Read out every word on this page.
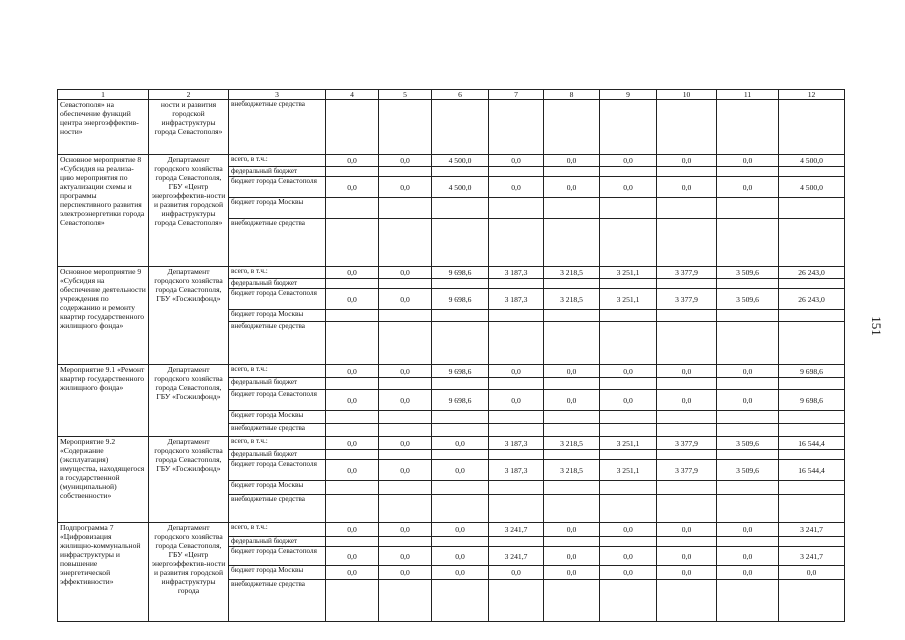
1	2	3	4	5	6	7	8	9	10	11	12
Севастополя» на обеспечение функций центра энергоэффектив-ности»	ности и развития городской инфраструктуры города Севастополя»	внебюджетные средства									
Основное мероприятие 8 «Субсидия на реализа-цию мероприятия по актуализации схемы и программы перспективного развития электроэнергетики города Севастополя»	Департамент городского хозяйства города Севастополя, ГБУ «Центр энергоэффектив-ности и развития городской инфраструктуры города Севастополя»	всего, в т.ч.:	0,0	0,0	4 500,0	0,0	0,0	0,0	0,0	0,0	4 500,0
		федеральный бюджет									
		бюджет города Севастополя	0,0	0,0	4 500,0	0,0	0,0	0,0	0,0	0,0	4 500,0
		бюджет города Москвы									
		внебюджетные средства									
Основное мероприятие 9 «Субсидия на обеспечение деятельности учреждения по содержанию и ремонту квартир государственного жилищного фонда»	Департамент городского хозяйства города Севастополя, ГБУ «Госжилфонд»	всего, в т.ч.:	0,0	0,0	9 698,6	3 187,3	3 218,5	3 251,1	3 377,9	3 509,6	26 243,0
		федеральный бюджет									
		бюджет города Севастополя	0,0	0,0	9 698,6	3 187,3	3 218,5	3 251,1	3 377,9	3 509,6	26 243,0
		бюджет города Москвы									
		внебюджетные средства									
Мероприятие 9.1 «Ремонт квартир государственного жилищного фонда»	Департамент городского хозяйства города Севастополя, ГБУ «Госжилфонд»	всего, в т.ч.:	0,0	0,0	9 698,6	0,0	0,0	0,0	0,0	0,0	9 698,6
		федеральный бюджет									
		бюджет города Севастополя	0,0	0,0	9 698,6	0,0	0,0	0,0	0,0	0,0	9 698,6
		бюджет города Москвы									
		внебюджетные средства									
Мероприятие 9.2 «Содержание (эксплуатация) имущества, находящегося в государственной (муниципальной) собственности»	Департамент городского хозяйства города Севастополя, ГБУ «Госжилфонд»	всего, в т.ч.:	0,0	0,0	0,0	3 187,3	3 218,5	3 251,1	3 377,9	3 509,6	16 544,4
		федеральный бюджет									
		бюджет города Севастополя	0,0	0,0	0,0	3 187,3	3 218,5	3 251,1	3 377,9	3 509,6	16 544,4
		бюджет города Москвы									
		внебюджетные средства									
Подпрограмма 7 «Цифровизация жилищно-коммунальной инфраструктуры и повышение энергетической эффективности»	Департамент городского хозяйства города Севастополя, ГБУ «Центр энергоэффектив-ности и развития городской инфраструктуры города	всего, в т.ч.:	0,0	0,0	0,0	3 241,7	0,0	0,0	0,0	0,0	3 241,7
		федеральный бюджет									
		бюджет города Севастополя	0,0	0,0	0,0	3 241,7	0,0	0,0	0,0	0,0	3 241,7
		бюджет города Москвы	0,0	0,0	0,0	0,0	0,0	0,0	0,0	0,0	0,0
		внебюджетные средства									
151
